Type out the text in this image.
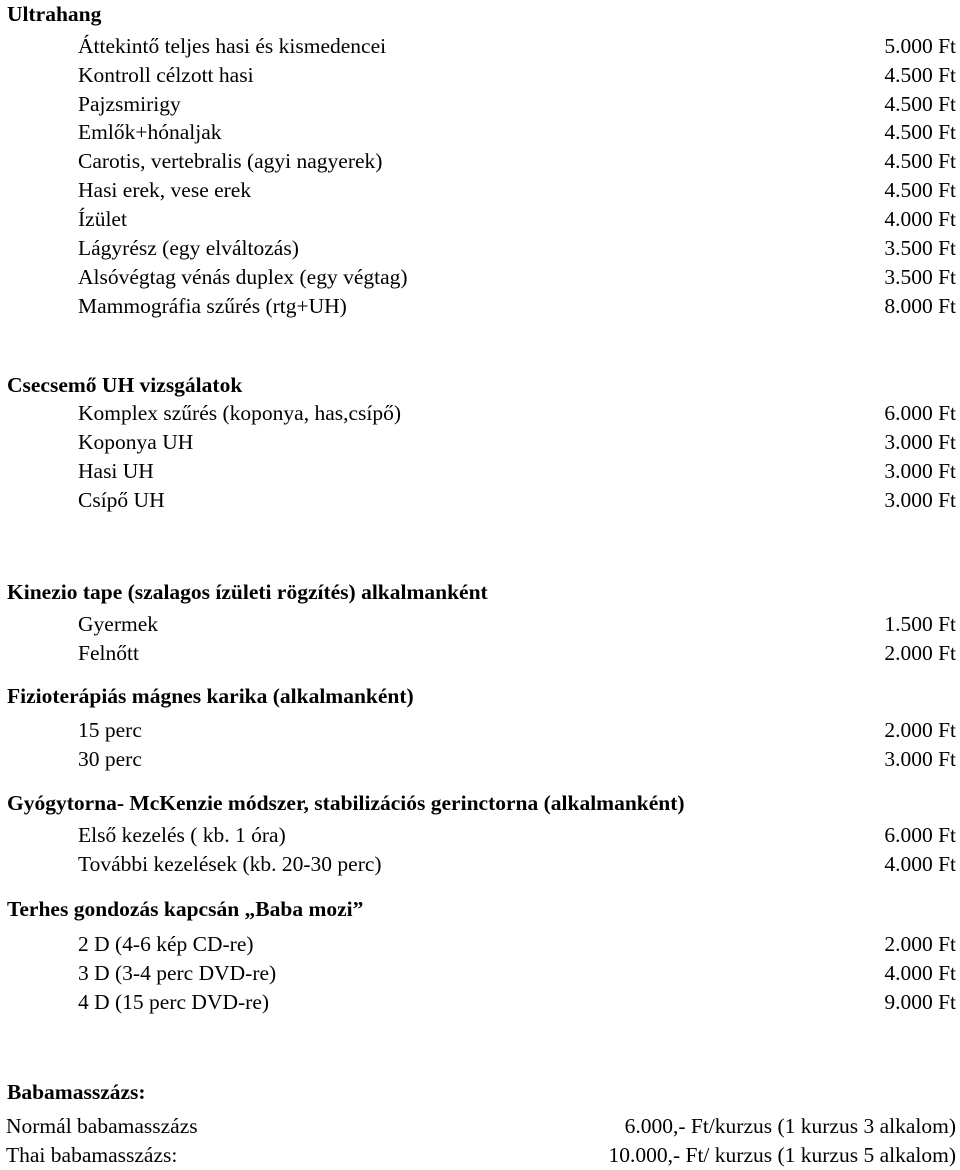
Ultrahang
Áttekintő teljes hasi és kismedencei	5.000 Ft
Kontroll célzott hasi	4.500 Ft
Pajzsmirigy	4.500 Ft
Emlők+hónaljak	4.500 Ft
Carotis, vertebralis (agyi nagyerek)	4.500 Ft
Hasi erek, vese erek	4.500 Ft
Ízület	4.000 Ft
Lágyrész (egy elváltozás)	3.500 Ft
Alsóvégtag vénás duplex (egy végtag)	3.500 Ft
Mammográfia szűrés (rtg+UH)	8.000 Ft
Csecsemő UH vizsgálatok
Komplex szűrés (koponya, has,csípő)	6.000 Ft
Koponya UH	3.000 Ft
Hasi UH	3.000 Ft
Csípő UH	3.000 Ft
Kinezio tape (szalagos ízületi rögzítés) alkalmanként
Gyermek	1.500 Ft
Felnőtt	2.000 Ft
Fizioterápiás mágnes karika (alkalmanként)
15 perc	2.000 Ft
30 perc	3.000 Ft
Gyógytorna- McKenzie módszer, stabilizációs gerinctorna (alkalmanként)
Első kezelés ( kb. 1 óra)	6.000 Ft
További kezelések (kb. 20-30 perc)	4.000 Ft
Terhes gondozás kapcsán „Baba mozi”
2 D (4-6 kép CD-re)	2.000 Ft
3 D (3-4 perc DVD-re)	4.000 Ft
4 D (15 perc DVD-re)	9.000 Ft
Babamasszázs:
Normál babamasszázs	6.000,- Ft/kurzus (1 kurzus 3 alkalom)
Thai babamasszázs:	10.000,- Ft/ kurzus (1 kurzus 5 alkalom)
